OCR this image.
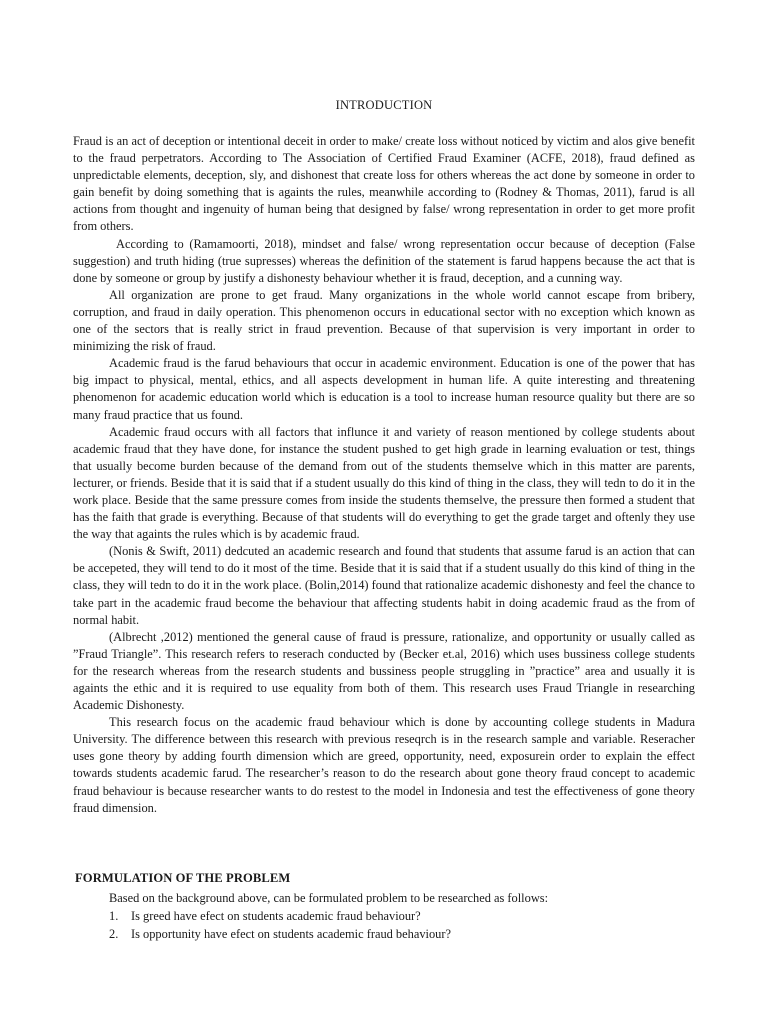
INTRODUCTION

Fraud is an act of deception or intentional deceit in order to make/ create loss without noticed by victim and alos give benefit to the fraud perpetrators. According to The Association of Certified Fraud Examiner (ACFE, 2018), fraud defined as unpredictable elements, deception, sly, and dishonest that create loss for others whereas the act done by someone in order to gain benefit by doing something that is againts the rules, meanwhile according to (Rodney & Thomas, 2011), farud is all actions from thought and ingenuity of human being that designed by false/ wrong representation in order to get more profit from others.

According to (Ramamoorti, 2018), mindset and false/ wrong representation occur because of deception (False suggestion) and truth hiding (true supresses) whereas the definition of the statement is farud happens because the act that is done by someone or group by justify a dishonesty behaviour whether it is fraud, deception, and a cunning way.

All organization are prone to get fraud. Many organizations in the whole world cannot escape from bribery, corruption, and fraud in daily operation. This phenomenon occurs in educational sector with no exception which known as one of the sectors that is really strict in fraud prevention. Because of that supervision is very important in order to minimizing the risk of fraud.

Academic fraud is the farud behaviours that occur in academic environment. Education is one of the power that has big impact to physical, mental, ethics, and all aspects development in human life. A quite interesting and threatening phenomenon for academic education world which is education is a tool to increase human resource quality but there are so many fraud practice that us found.

Academic fraud occurs with all factors that influnce it and variety of reason mentioned by college students about academic fraud that they have done, for instance the student pushed to get high grade in learning evaluation or test, things that usually become burden because of the demand from out of the students themselve which in this matter are parents, lecturer, or friends. Beside that it is said that if a student usually do this kind of thing in the class, they will tedn to do it in the work place. Beside that the same pressure comes from inside the students themselve, the pressure then formed a student that has the faith that grade is everything. Because of that students will do everything to get the grade target and oftenly they use the way that againts the rules which is by academic fraud.

(Nonis & Swift, 2011) dedcuted an academic research and found that students that assume farud is an action that can be accepeted, they will tend to do it most of the time. Beside that it is said that if a student usually do this kind of thing in the class, they will tedn to do it in the work place. (Bolin,2014) found that rationalize academic dishonesty and feel the chance to take part in the academic fraud become the behaviour that affecting students habit in doing academic fraud as the from of normal habit.

(Albrecht ,2012) mentioned the general cause of fraud is pressure, rationalize, and opportunity or usually called as ”Fraud Triangle”. This research refers to reserach conducted by (Becker et.al, 2016) which uses bussiness college students for the research whereas from the research students and bussiness people struggling in ”practice” area and usually it is againts the ethic and it is required to use equality from both of them. This research uses Fraud Triangle in researching Academic Dishonesty.

This research focus on the academic fraud behaviour which is done by accounting college students in Madura University. The difference between this research with previous reseqrch is in the research sample and variable. Reseracher uses gone theory by adding fourth dimension which are greed, opportunity, need, exposurein order to explain the effect towards students academic farud. The researcher’s reason to do the research about gone theory fraud concept to academic fraud behaviour is because researcher wants to do restest to the model in Indonesia and test the effectiveness of gone theory fraud dimension.

FORMULATION OF THE PROBLEM
Based on the background above, can be formulated problem to be researched as follows:
1.	Is greed have efect on students academic fraud behaviour?
2.	Is opportunity have efect on students academic fraud behaviour?
